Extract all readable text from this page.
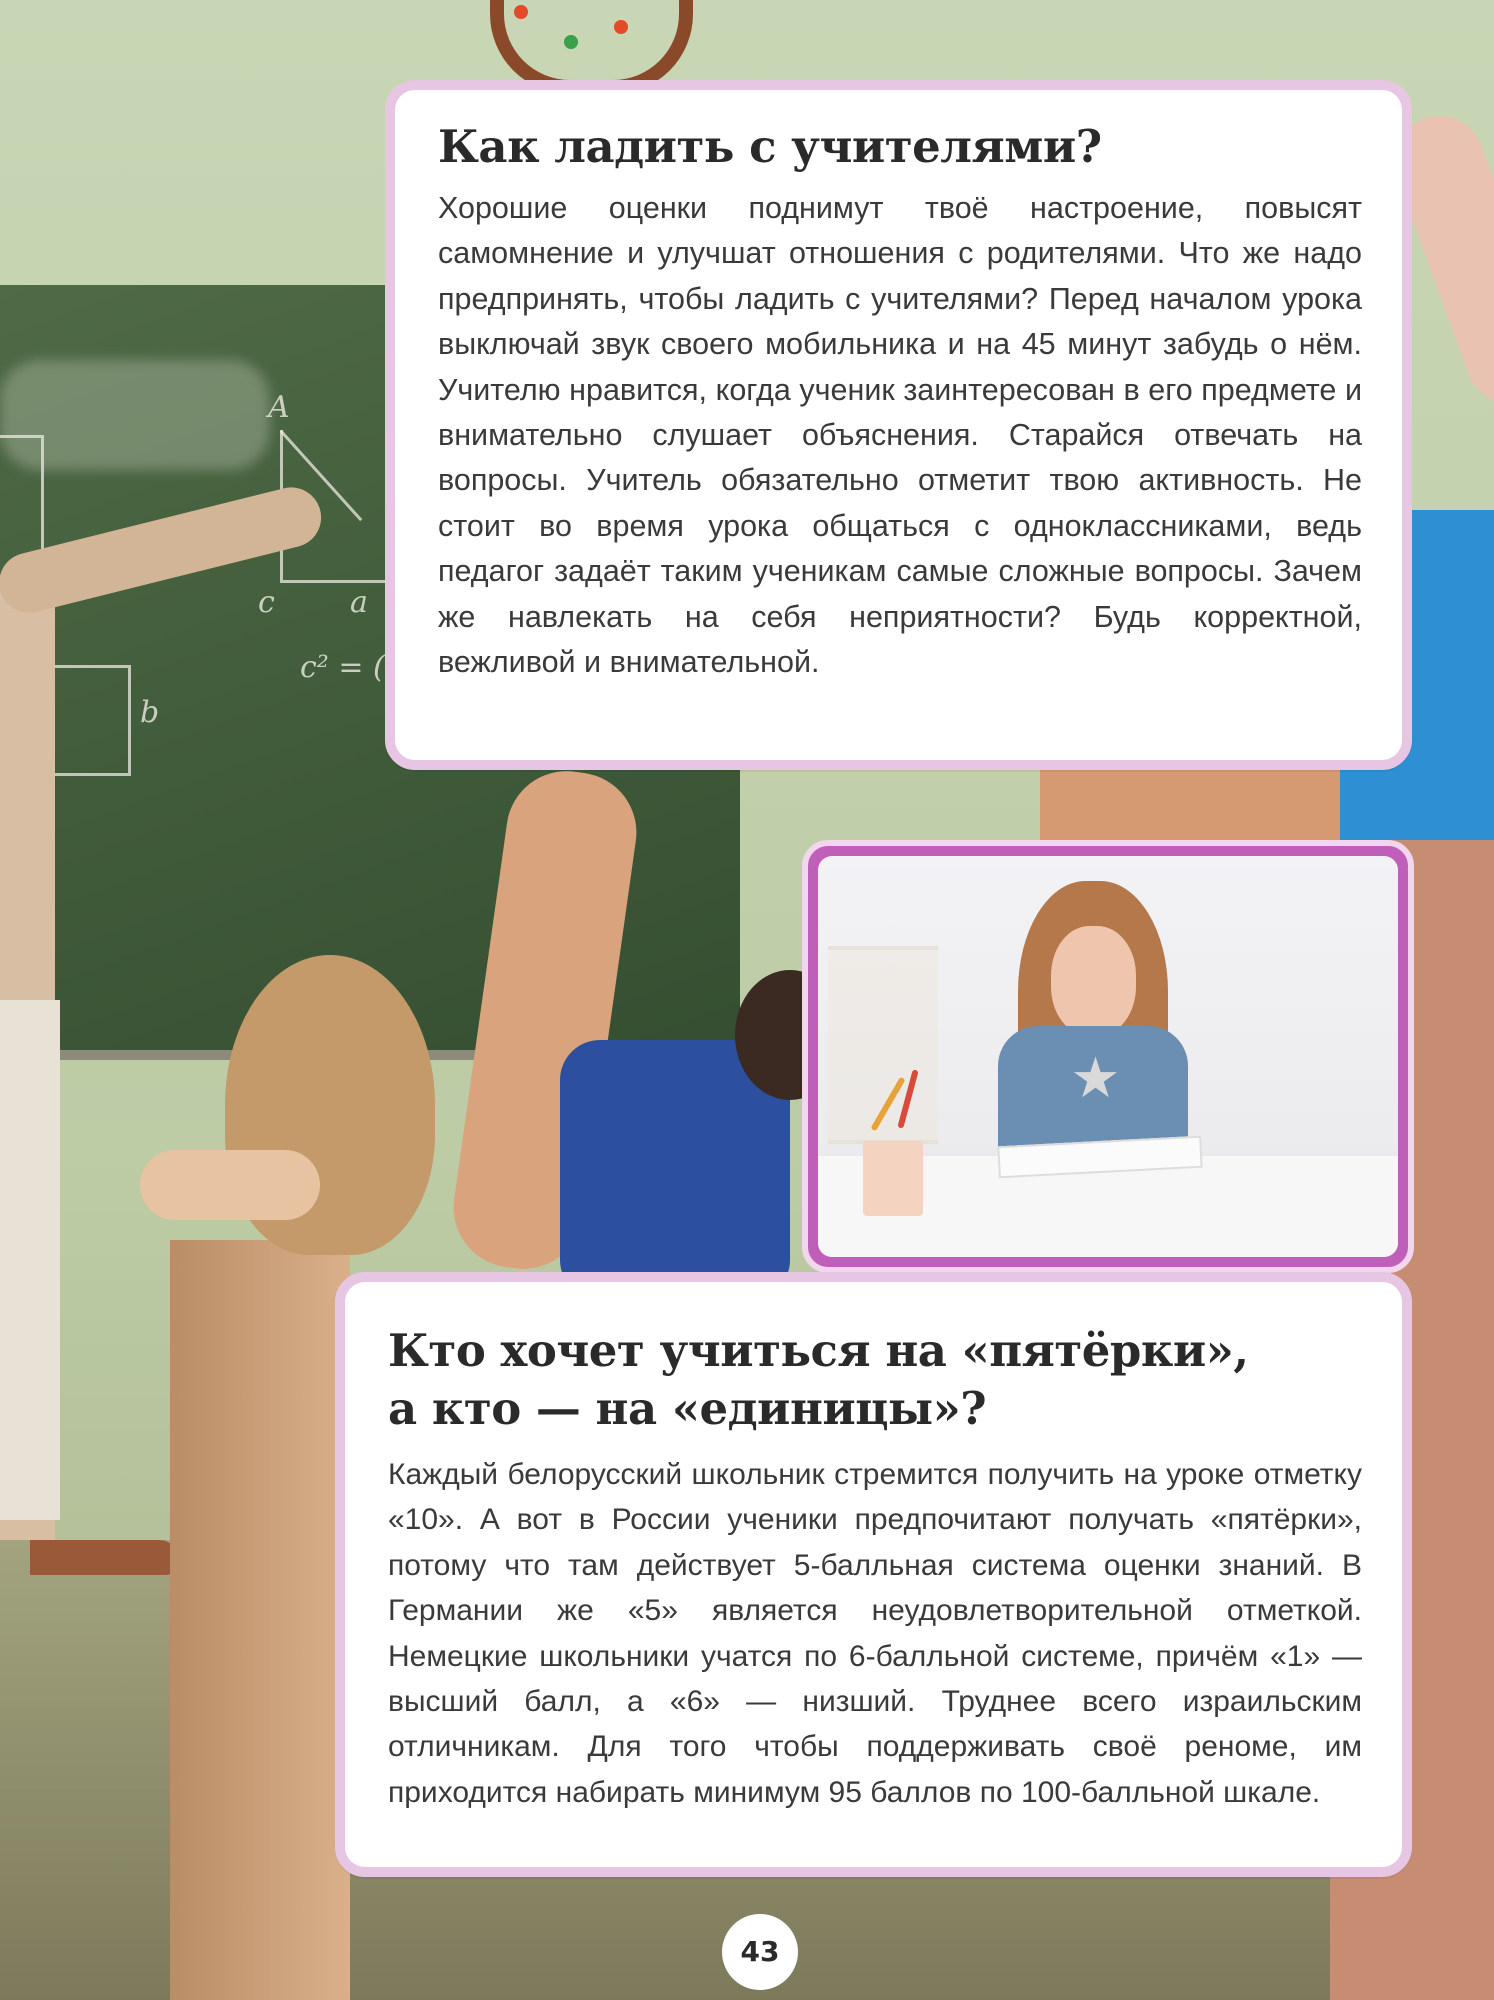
A
c	a
c² = (
b
Как ладить с учителями?

Хорошие оценки поднимут твоё настроение, повысят самомнение и улучшат отношения с родителями. Что же надо предпринять, чтобы ладить с учителями? Перед началом урока выключай звук своего мобильника и на 45 минут забудь о нём. Учителю нравится, когда ученик заинтересован в его предмете и внимательно слушает объяснения. Старайся отвечать на вопросы. Учитель обязательно отметит твою активность. Не стоит во время урока общаться с одноклассниками, ведь педагог задаёт таким ученикам самые сложные вопросы. Зачем же навлекать на себя неприятности? Будь корректной, вежливой и внимательной.

★
Кто хочет учиться на «пятёрки»,
а кто — на «единицы»?

Каждый белорусский школьник стремится получить на уроке отметку «10». А вот в России ученики предпочитают получать «пятёрки», потому что там действует 5-балльная система оценки знаний. В Германии же «5» является неудовлетворительной отметкой. Немецкие школьники учатся по 6-балльной системе, причём «1» — высший балл, а «6» — низший. Труднее всего израильским отличникам. Для того чтобы поддерживать своё реноме, им приходится набирать минимум 95 баллов по 100-балльной шкале.

43
